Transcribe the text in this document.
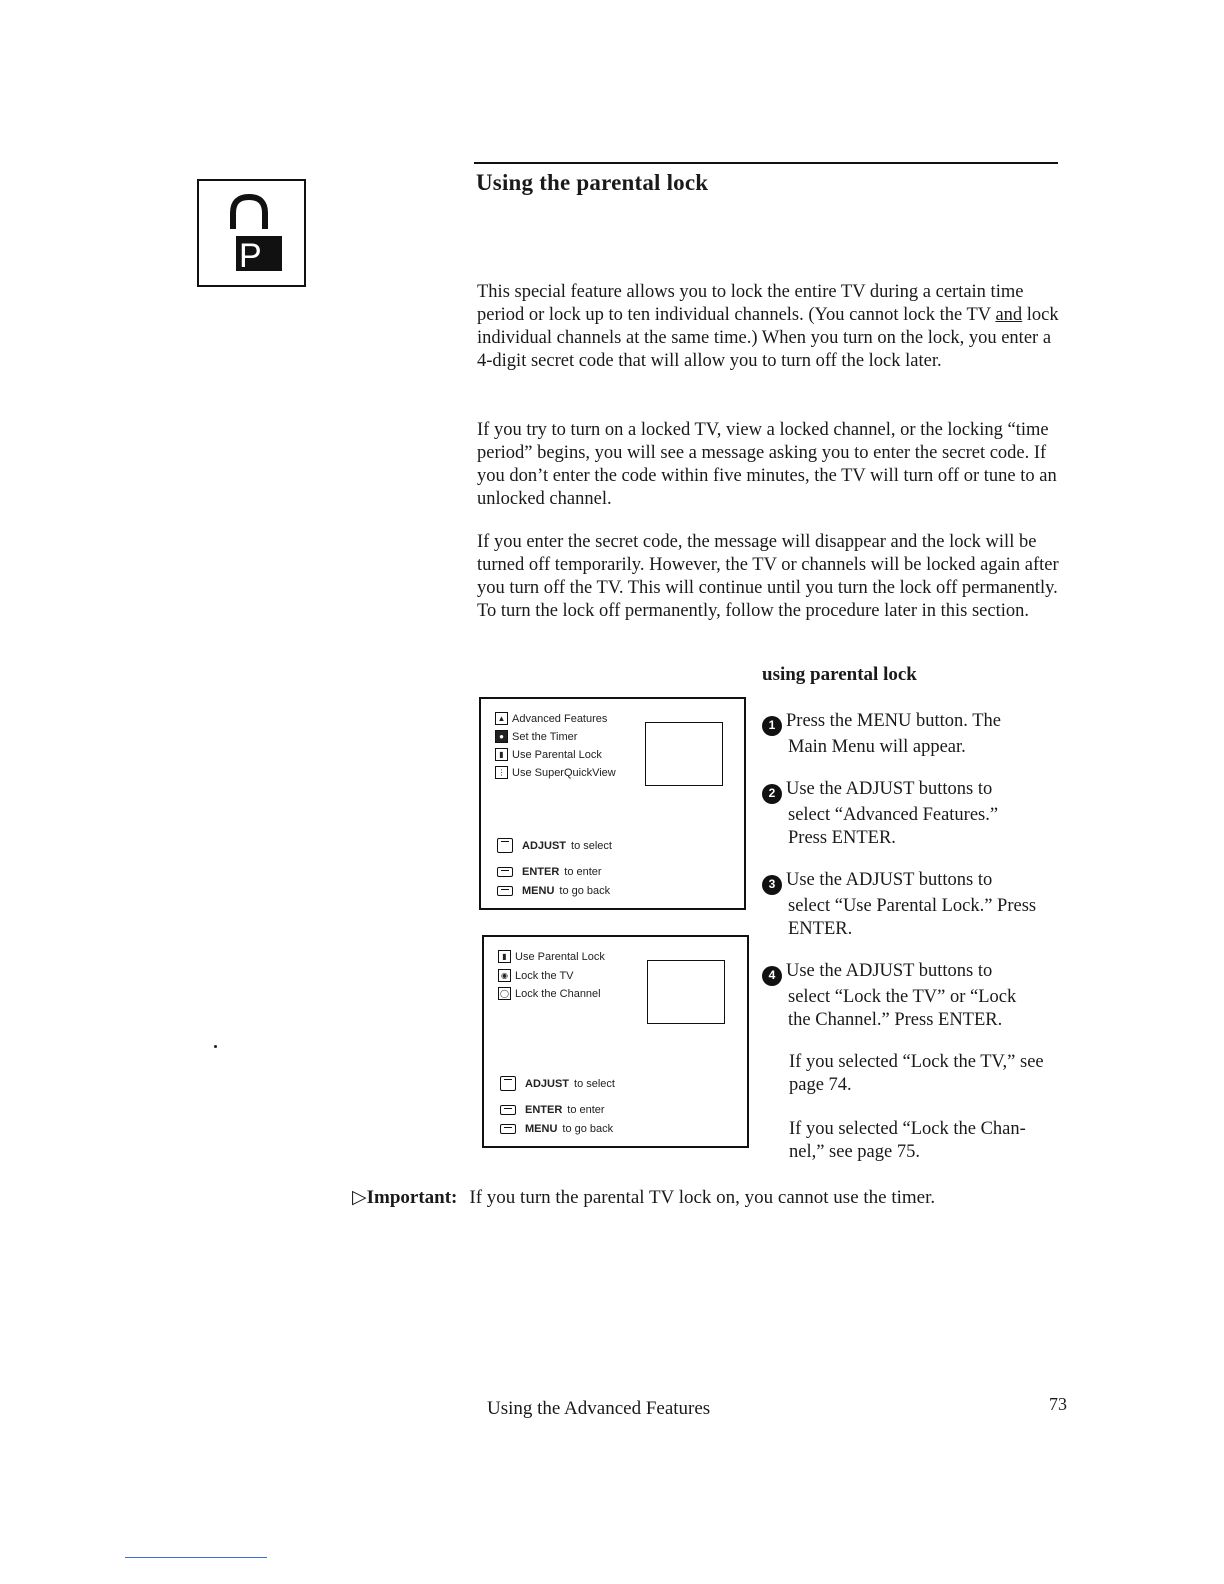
P
Using the parental lock

This special feature allows you to lock the entire TV during a certain time period or lock up to ten individual channels. (You cannot lock the TV and lock individual channels at the same time.) When you turn on the lock, you enter a 4-digit secret code that will allow you to turn off the lock later.

If you try to turn on a locked TV, view a locked channel, or the locking “time period” begins, you will see a message asking you to enter the secret code. If you don’t enter the code within five minutes, the TV will turn off or tune to an unlocked channel.

If you enter the secret code, the message will disappear and the lock will be turned off temporarily. However, the TV or channels will be locked again after you turn off the TV. This will continue until you turn the lock off permanently. To turn the lock off permanently, follow the procedure later in this section.

using parental lock
▲ Advanced Features
● Set the Timer
▮ Use Parental Lock
⋮ Use SuperQuickView
ADJUST to select
ENTER to enter
MENU to go back
▮ Use Parental Lock
◉ Lock the TV
◯ Lock the Channel
ADJUST to select
ENTER to enter
MENU to go back
1 Press the MENU button. The
Main Menu will appear.
2 Use the ADJUST buttons to
select “Advanced Features.” Press ENTER.
3 Use the ADJUST buttons to
select “Use Parental Lock.” Press ENTER.
4 Use the ADJUST buttons to
select “Lock the TV” or “Lock the Channel.” Press ENTER.
If you selected “Lock the TV,” see page 74.
If you selected “Lock the Chan-nel,” see page 75.
▷Important: If you turn the parental TV lock on, you cannot use the timer.
Using the Advanced Features	73
